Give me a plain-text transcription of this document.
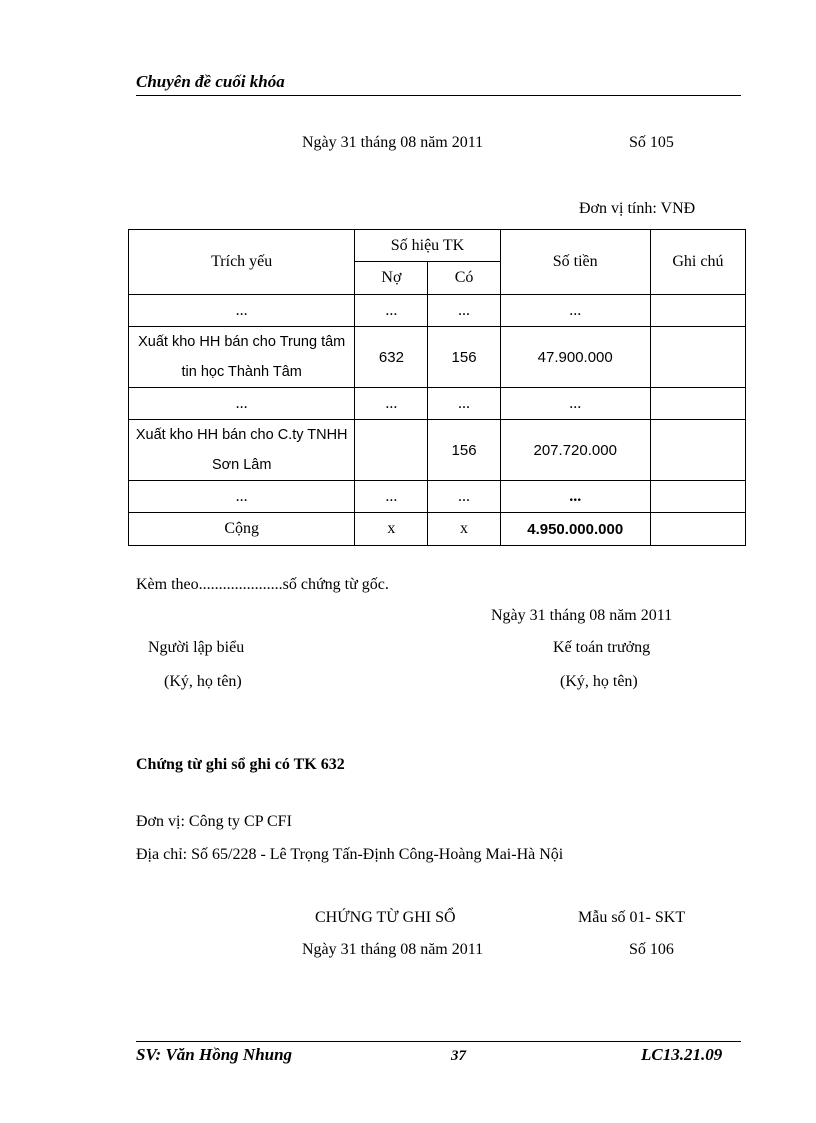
Chuyên đề cuối khóa
Ngày 31 tháng 08 năm 2011	Số 105
Đơn vị tính: VNĐ
Trích yếu	Số hiệu TK		Số tiền	Ghi chú
	Nợ	Có		
...	...	...	...	
Xuất kho HH bán cho Trung tâm tin học Thành Tâm	632	156	47.900.000	
...	...	...	...	
Xuất kho HH bán cho C.ty TNHH Sơn Lâm		156	207.720.000	
...	...	...	...	
Cộng	x	x	4.950.000.000	
Kèm theo.....................số chứng từ gốc.
Ngày 31 tháng 08 năm 2011
Người lập biểu
(Ký, họ tên)
Kế toán trưởng
(Ký, họ tên)
Chứng từ ghi sổ ghi có TK 632
Đơn vị: Công ty CP CFI
Địa chỉ: Số 65/228 - Lê Trọng Tấn-Định Công-Hoàng Mai-Hà Nội
CHỨNG TỪ GHI SỔ	Mẫu số 01- SKT
Ngày 31 tháng 08 năm 2011	Số 106
SV: Văn Hồng Nhung	37	LC13.21.09
